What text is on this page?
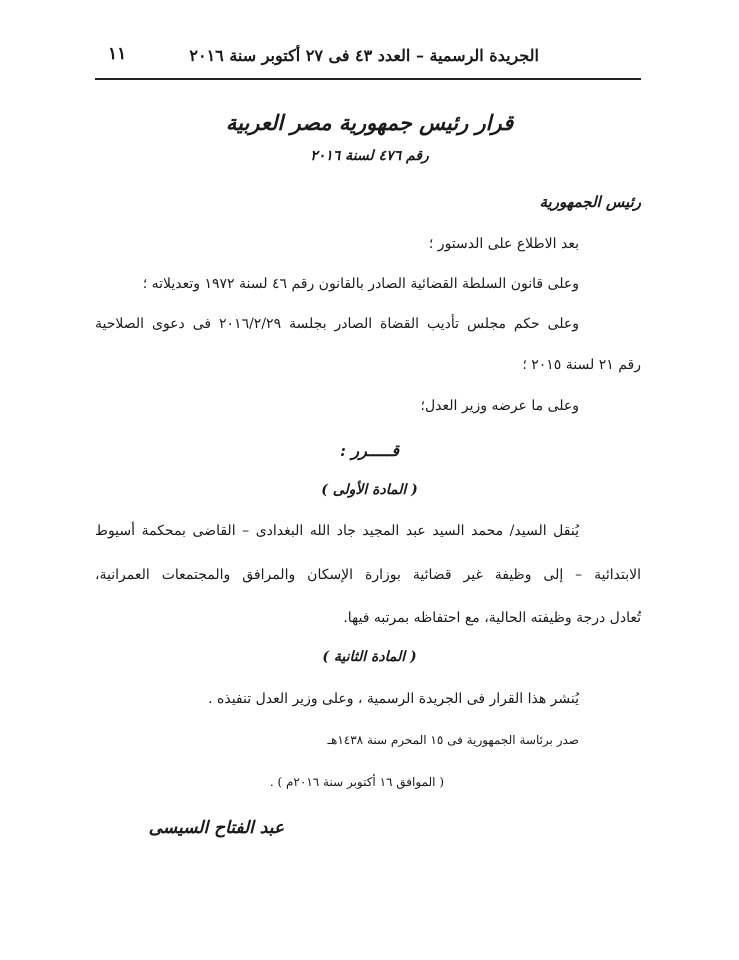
الجريدة الرسمية – العدد ٤٣ فى ٢٧ أكتوبر سنة ٢٠١٦
١١
قرار رئيس جمهورية مصر العربية
رقم ٤٧٦ لسنة ٢٠١٦
رئيس الجمهورية
بعد الاطلاع على الدستور ؛
وعلى قانون السلطة القضائية الصادر بالقانون رقم ٤٦ لسنة ١٩٧٢ وتعديلاته ؛
وعلى حكم مجلس تأديب القضاة الصادر بجلسة ٢٠١٦/٢/٢٩ فى دعوى الصلاحية
رقم ٢١ لسنة ٢٠١٥ ؛
وعلى ما عرضه وزير العدل؛
قـــــرر :
( المادة الأولى )
يُنقل السيد/ محمد السيد عبد المجيد جاد الله البغدادى – القاضى بمحكمة أسيوط
الابتدائية – إلى وظيفة غير قضائية بوزارة الإسكان والمرافق والمجتمعات العمرانية،
تُعادل درجة وظيفته الحالية، مع احتفاظه بمرتبه فيها.
( المادة الثانية )
يُنشر هذا القرار فى الجريدة الرسمية ، وعلى وزير العدل تنفيذه .
صدر برئاسة الجمهورية فى ١٥ المحرم سنة ١٤٣٨هـ
( الموافق ١٦ أكتوبر سنة ٢٠١٦م ) .
عبد الفتاح السيسى
